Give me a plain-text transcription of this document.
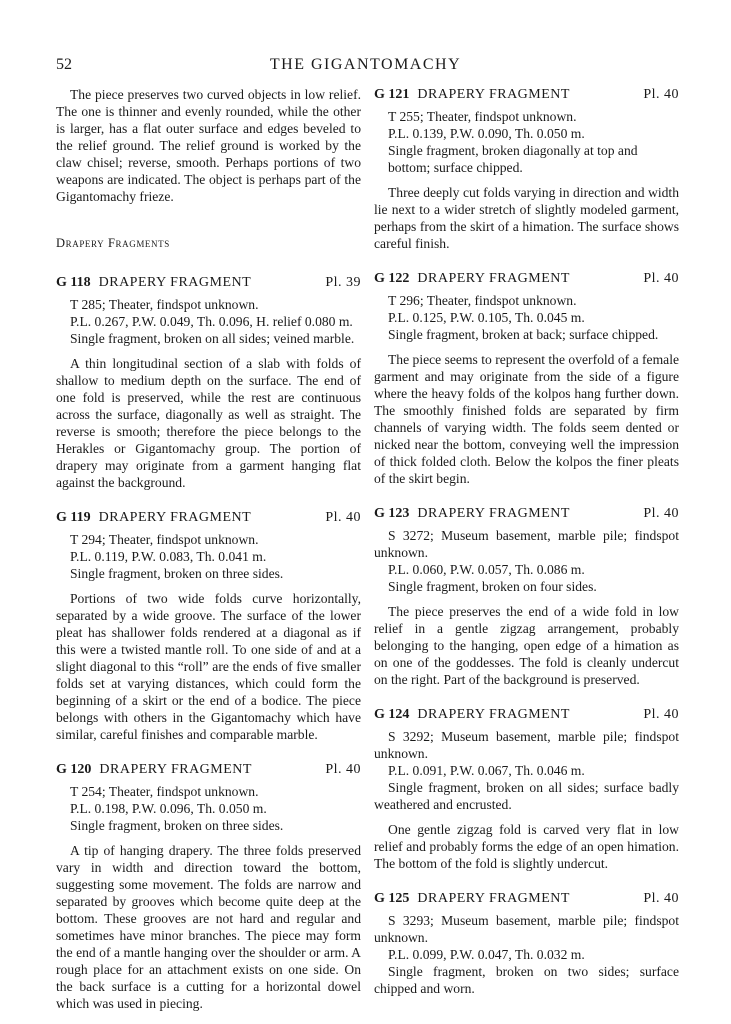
52	THE GIGANTOMACHY

The piece preserves two curved objects in low relief. The one is thinner and evenly rounded, while the other is larger, has a flat outer surface and edges beveled to the relief ground. The relief ground is worked by the claw chisel; reverse, smooth. Perhaps portions of two weapons are indicated. The object is perhaps part of the Gigantomachy frieze.

Drapery Fragments
G 118 DRAPERY FRAGMENT	Pl. 39
T 285; Theater, findspot unknown.
P.L. 0.267, P.W. 0.049, Th. 0.096, H. relief 0.080 m.
Single fragment, broken on all sides; veined marble.

A thin longitudinal section of a slab with folds of shallow to medium depth on the surface. The end of one fold is preserved, while the rest are continuous across the surface, diagonally as well as straight. The reverse is smooth; therefore the piece belongs to the Herakles or Gigantomachy group. The portion of drapery may originate from a garment hanging flat against the background.

G 119 DRAPERY FRAGMENT	Pl. 40
T 294; Theater, findspot unknown.
P.L. 0.119, P.W. 0.083, Th. 0.041 m.
Single fragment, broken on three sides.

Portions of two wide folds curve horizontally, separated by a wide groove. The surface of the lower pleat has shallower folds rendered at a diagonal as if this were a twisted mantle roll. To one side of and at a slight diagonal to this “roll” are the ends of five smaller folds set at varying distances, which could form the beginning of a skirt or the end of a bodice. The piece belongs with others in the Gigantomachy which have similar, careful finishes and comparable marble.

G 120 DRAPERY FRAGMENT	Pl. 40
T 254; Theater, findspot unknown.
P.L. 0.198, P.W. 0.096, Th. 0.050 m.
Single fragment, broken on three sides.

A tip of hanging drapery. The three folds preserved vary in width and direction toward the bottom, suggesting some movement. The folds are narrow and separated by grooves which become quite deep at the bottom. These grooves are not hard and regular and sometimes have minor branches. The piece may form the end of a mantle hanging over the shoulder or arm. A rough place for an attachment exists on one side. On the back surface is a cutting for a horizontal dowel which was used in piecing.

G 121 DRAPERY FRAGMENT	Pl. 40
T 255; Theater, findspot unknown.
P.L. 0.139, P.W. 0.090, Th. 0.050 m.
Single fragment, broken diagonally at top and bottom; surface chipped.

Three deeply cut folds varying in direction and width lie next to a wider stretch of slightly modeled garment, perhaps from the skirt of a himation. The surface shows careful finish.

G 122 DRAPERY FRAGMENT	Pl. 40
T 296; Theater, findspot unknown.
P.L. 0.125, P.W. 0.105, Th. 0.045 m.
Single fragment, broken at back; surface chipped.

The piece seems to represent the overfold of a female garment and may originate from the side of a figure where the heavy folds of the kolpos hang further down. The smoothly finished folds are separated by firm channels of varying width. The folds seem dented or nicked near the bottom, conveying well the impression of thick folded cloth. Below the kolpos the finer pleats of the skirt begin.

G 123 DRAPERY FRAGMENT	Pl. 40

S 3272; Museum basement, marble pile; findspot unknown.

P.L. 0.060, P.W. 0.057, Th. 0.086 m.
Single fragment, broken on four sides.

The piece preserves the end of a wide fold in low relief in a gentle zigzag arrangement, probably belonging to the hanging, open edge of a himation as on one of the goddesses. The fold is cleanly undercut on the right. Part of the background is preserved.

G 124 DRAPERY FRAGMENT	Pl. 40

S 3292; Museum basement, marble pile; findspot unknown.

P.L. 0.091, P.W. 0.067, Th. 0.046 m.

Single fragment, broken on all sides; surface badly weathered and encrusted.

One gentle zigzag fold is carved very flat in low relief and probably forms the edge of an open himation. The bottom of the fold is slightly undercut.

G 125 DRAPERY FRAGMENT	Pl. 40

S 3293; Museum basement, marble pile; findspot unknown.

P.L. 0.099, P.W. 0.047, Th. 0.032 m.

Single fragment, broken on two sides; surface chipped and worn.
